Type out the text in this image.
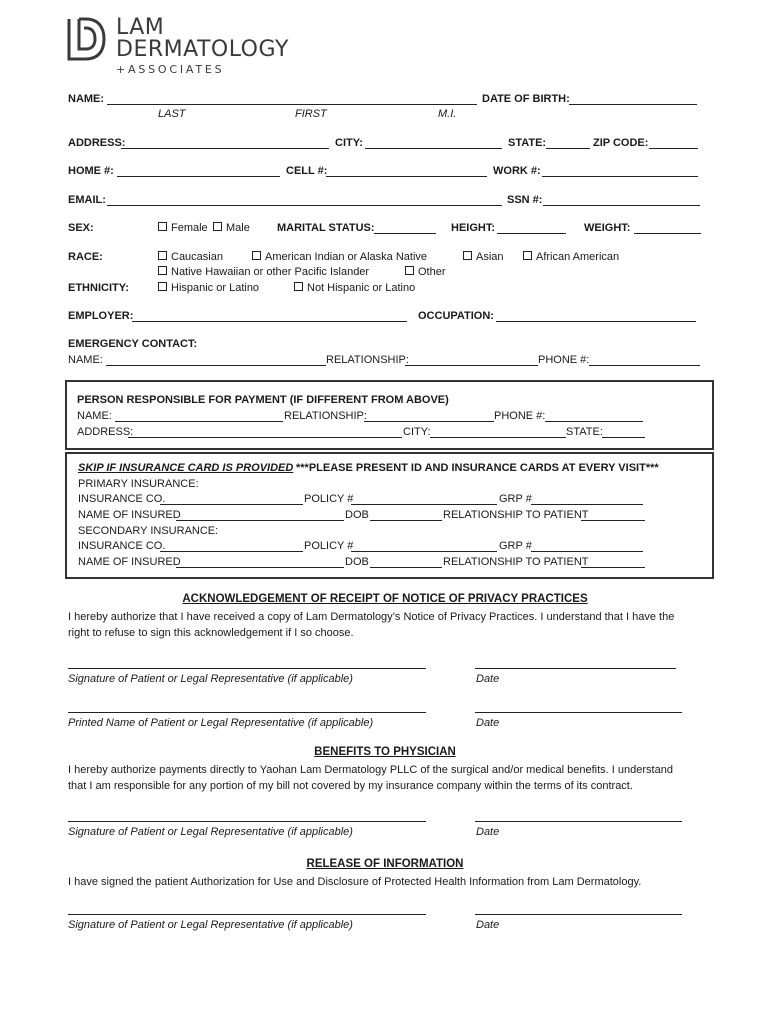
LAM
DERMATOLOGY
+ASSOCIATES
NAME:	DATE OF BIRTH:
LAST	FIRST	M.I.
ADDRESS:	CITY:	STATE:	ZIP CODE:
HOME #:	CELL #:	WORK #:
EMAIL:	SSN #:
SEX:	Female	Male MARITAL STATUS:	HEIGHT:	WEIGHT:
RACE:	Caucasian	American Indian or Alaska Native	Asian	African American
Native Hawaiian or other Pacific Islander	Other
ETHNICITY:	Hispanic or Latino	Not Hispanic or Latino
EMPLOYER:	OCCUPATION:
EMERGENCY CONTACT:
NAME:	RELATIONSHIP:	PHONE #:
PERSON RESPONSIBLE FOR PAYMENT (IF DIFFERENT FROM ABOVE)
NAME:	RELATIONSHIP:	PHONE #:
ADDRESS:	CITY:	STATE:
SKIP IF INSURANCE CARD IS PROVIDED ***PLEASE PRESENT ID AND INSURANCE CARDS AT EVERY VISIT***
PRIMARY INSURANCE:
INSURANCE CO.	POLICY #	GRP #
NAME OF INSURED	DOB	RELATIONSHIP TO PATIENT
SECONDARY INSURANCE:
INSURANCE CO.	POLICY #	GRP #
NAME OF INSURED	DOB	RELATIONSHIP TO PATIENT
ACKNOWLEDGEMENT OF RECEIPT OF NOTICE OF PRIVACY PRACTICES
I hereby authorize that I have received a copy of Lam Dermatology’s Notice of Privacy Practices. I understand that I have the
right to refuse to sign this acknowledgement if I so choose.
Signature of Patient or Legal Representative (if applicable)	Date
Printed Name of Patient or Legal Representative (if applicable)	Date
BENEFITS TO PHYSICIAN
I hereby authorize payments directly to Yaohan Lam Dermatology PLLC of the surgical and/or medical benefits. I understand
that I am responsible for any portion of my bill not covered by my insurance company within the terms of its contract.
Signature of Patient or Legal Representative (if applicable)	Date
RELEASE OF INFORMATION
I have signed the patient Authorization for Use and Disclosure of Protected Health Information from Lam Dermatology.
Signature of Patient or Legal Representative (if applicable)	Date
